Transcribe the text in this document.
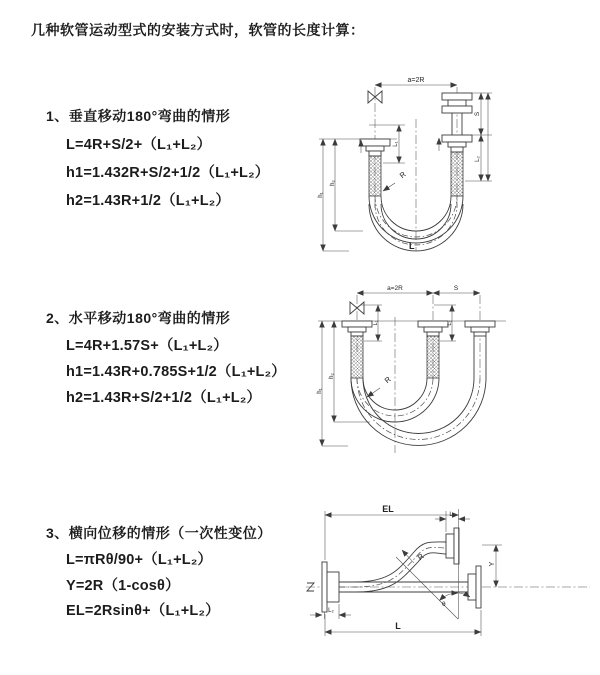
几种软管运动型式的安装方式时，软管的长度计算：
1、垂直移动180°弯曲的情形
L=4R+S/2+（L₁+L₂）
h1=1.432R+S/2+1/2（L₁+L₂）
h2=1.43R+1/2（L₁+L₂）
a=2R
L₁
S
L₂
h₁
h₂
R
L
2、水平移动180°弯曲的情形
L=4R+1.57S+（L₁+L₂）
h1=1.43R+0.785S+1/2（L₁+L₂）
h2=1.43R+S/2+1/2（L₁+L₂）
a=2R	S
L₁	L₂
h₁
h₂	R
3、横向位移的情形（一次性变位）
L=πRθ/90+（L₁+L₂）
Y=2R（1-cosθ）
EL=2Rsinθ+（L₁+L₂）	θ
EL
L₁
Y
L
L₂
R
